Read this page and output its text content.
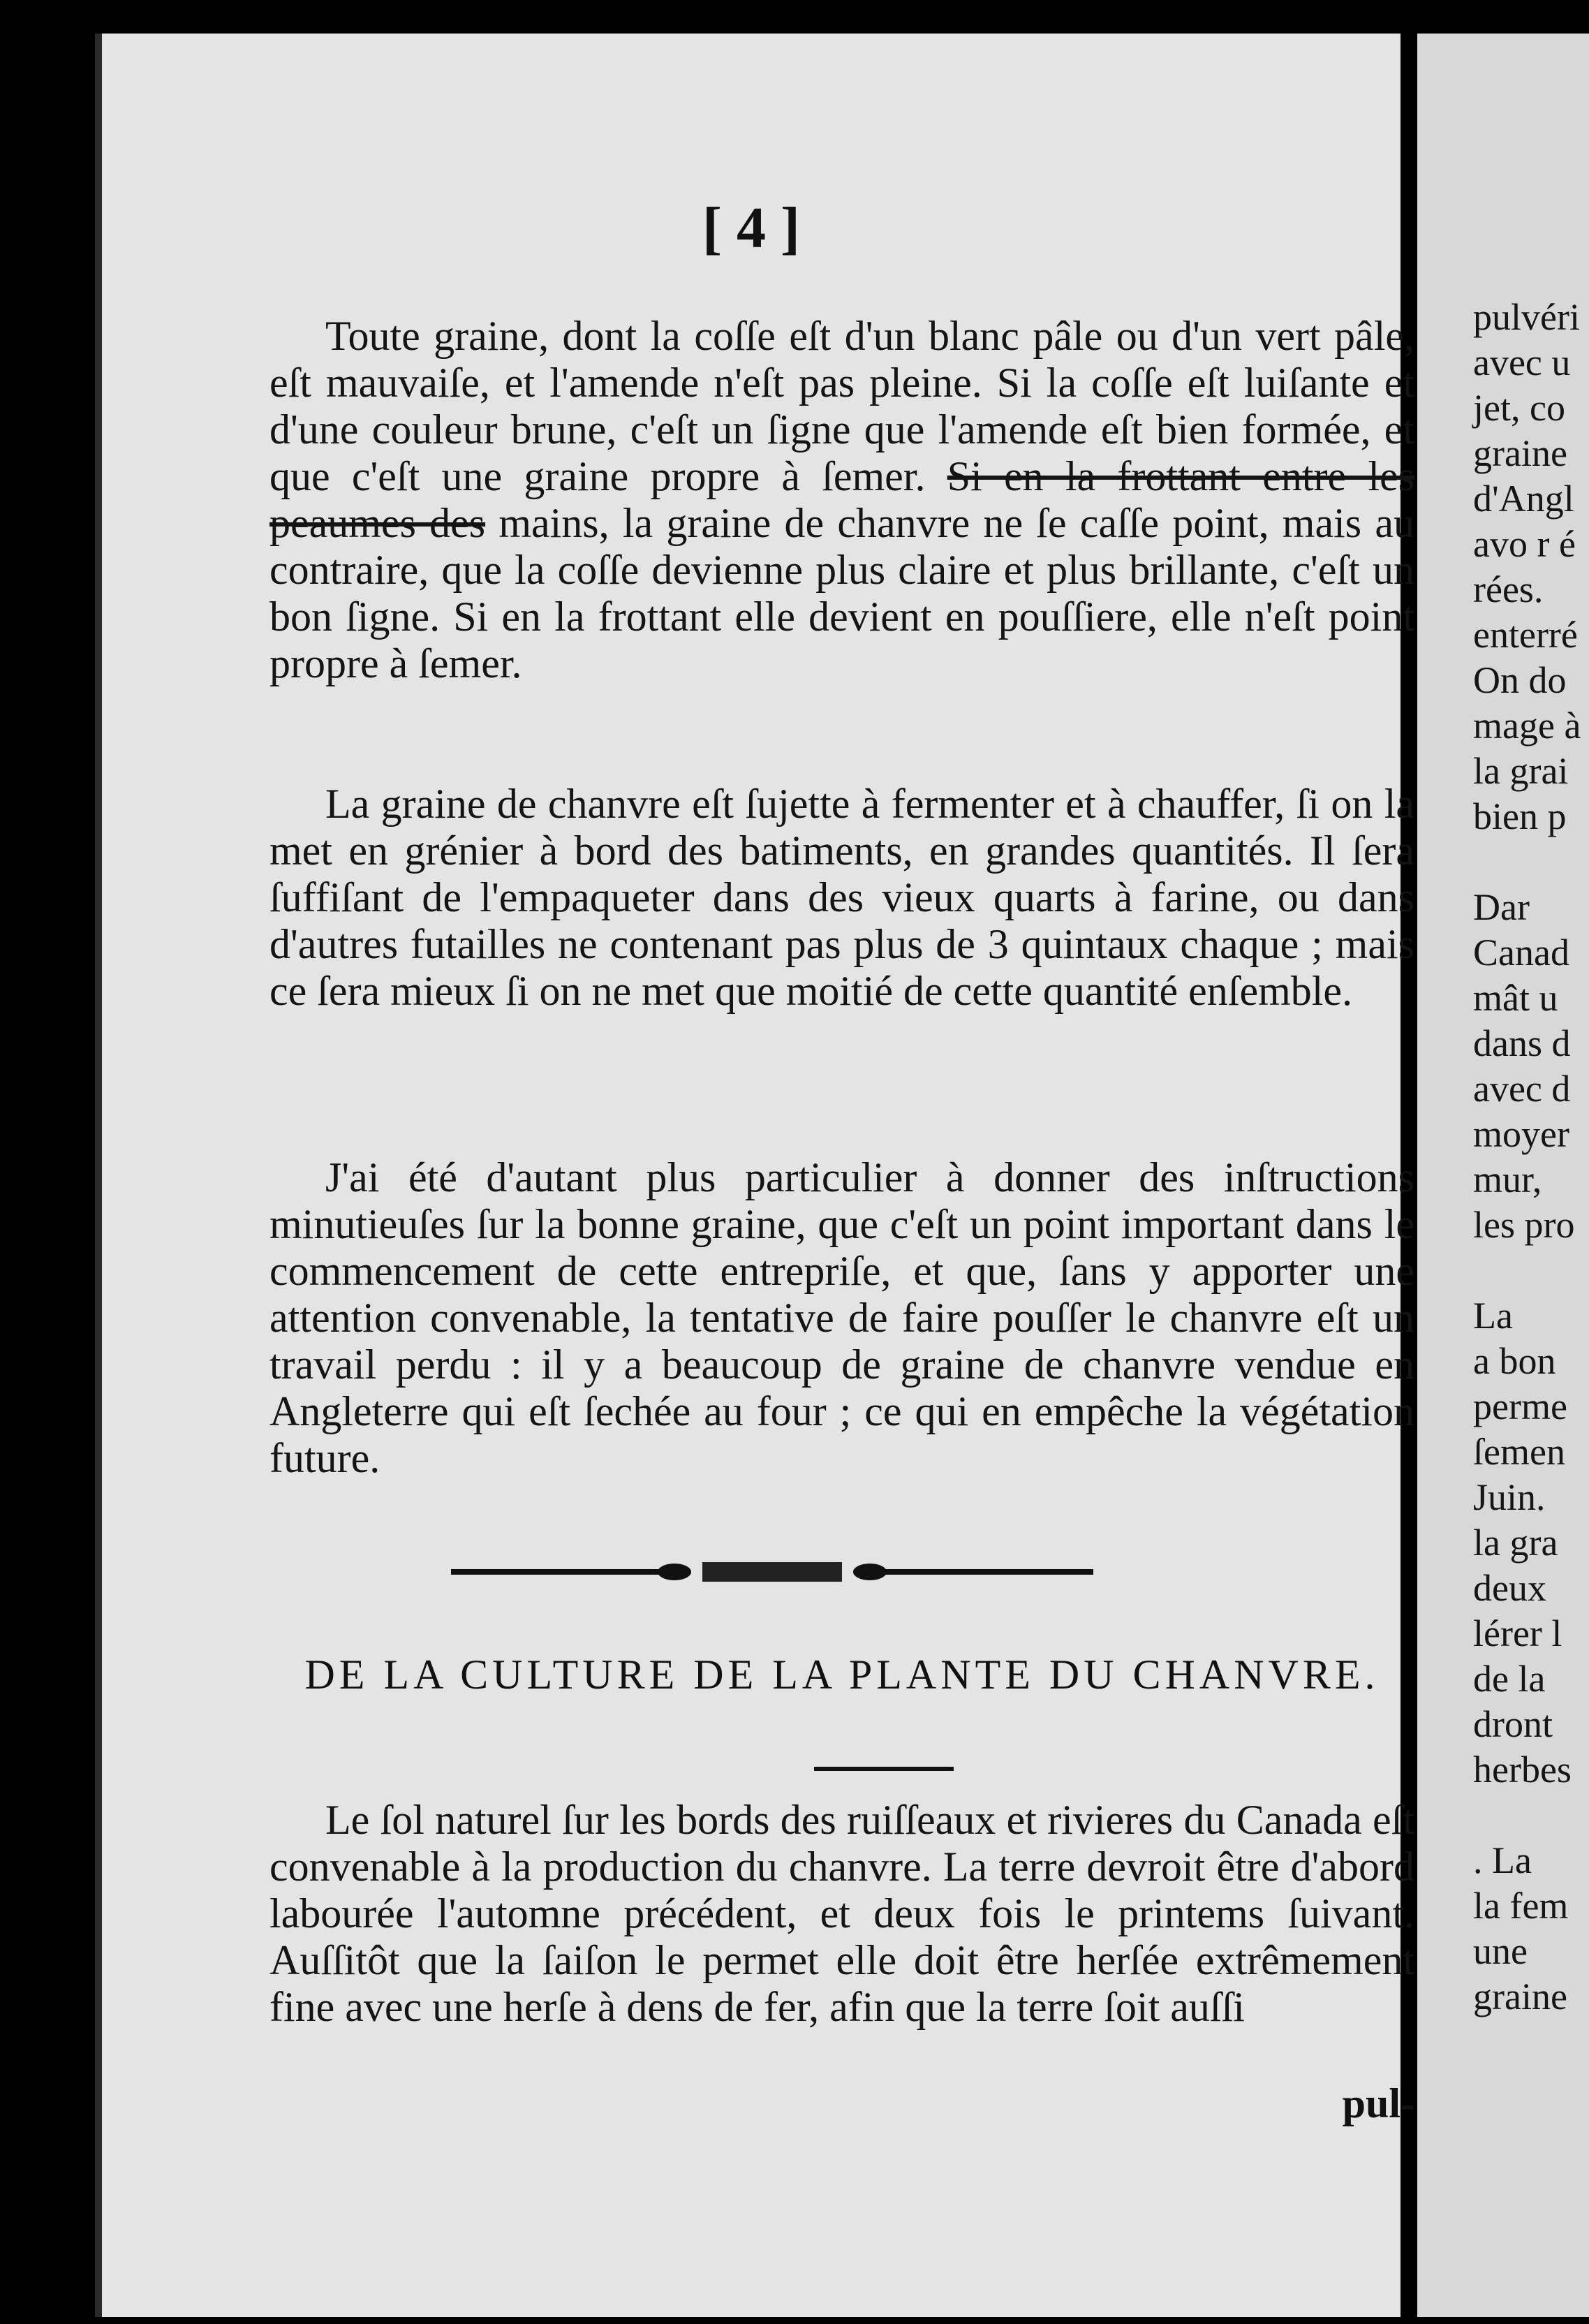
[ 4 ]

Toute graine, dont la coſſe eſt d'un blanc pâle ou d'un vert pâle, eſt mauvaiſe, et l'amende n'eſt pas pleine. Si la coſſe eſt luiſante et d'une couleur brune, c'eſt un ſigne que l'amende eſt bien formée, et que c'eſt une graine propre à ſemer. Si en la frottant entre les peaumes des mains, la graine de chanvre ne ſe caſſe point, mais au contraire, que la coſſe devienne plus claire et plus brillante, c'eſt un bon ſigne. Si en la frottant elle devient en pouſſiere, elle n'eſt point propre à ſemer.

La graine de chanvre eſt ſujette à fermenter et à chauffer, ſi on la met en grénier à bord des batiments, en grandes quantités. Il ſera ſuffiſant de l'empaqueter dans des vieux quarts à farine, ou dans d'autres futailles ne contenant pas plus de 3 quintaux chaque ; mais ce ſera mieux ſi on ne met que moitié de cette quantité enſemble.

J'ai été d'autant plus particulier à donner des inſtructions minutieuſes ſur la bonne graine, que c'eſt un point important dans le commencement de cette entrepriſe, et que, ſans y apporter une attention convenable, la tentative de faire pouſſer le chanvre eſt un travail perdu : il y a beaucoup de graine de chanvre vendue en Angleterre qui eſt ſechée au four ; ce qui en empêche la végétation future.

DE LA CULTURE DE LA PLANTE DU CHANVRE.

Le ſol naturel ſur les bords des ruiſſeaux et rivieres du Canada eſt convenable à la production du chanvre. La terre devroit être d'abord labourée l'automne précédent, et deux fois le printems ſuivant. Auſſitôt que la ſaiſon le permet elle doit être herſée extrêmement fine avec une herſe à dens de fer, afin que la terre ſoit auſſi

pul-
pulvéri
avec u
jet, co
graine
d'Angl
avo r é
rées.
enterré
On do
mage à
la grai
bien p
Dar
Canad
mât u
dans d
avec d
moyer
mur,
les pro
La
a bon
perme
ſemen
Juin.
la gra
deux
lérer l
de la
dront
herbes
. La
la fem
une
graine
